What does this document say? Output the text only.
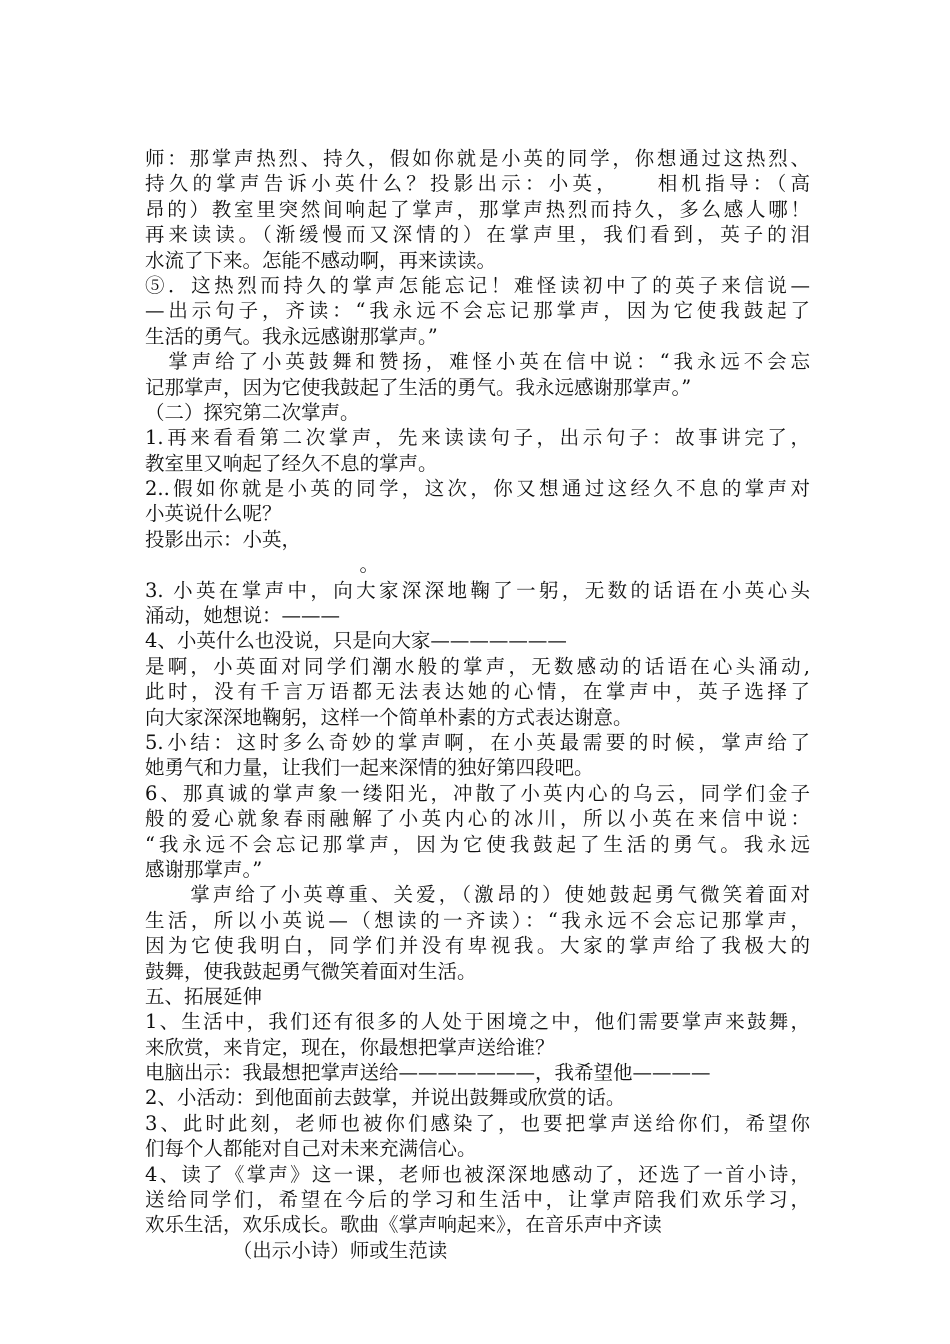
师：那掌声热烈、持久，假如你就是小英的同学，你想通过这热烈、
持久的掌声告诉小英什么？投影出示：小英，　　相机指导：（高
昂的）教室里突然间响起了掌声，那掌声热烈而持久，多么感人哪！
再来读读。（渐缓慢而又深情的）在掌声里，我们看到，英子的泪
水流了下来。怎能不感动啊，再来读读。
⑤．这热烈而持久的掌声怎能忘记！难怪读初中了的英子来信说—
—出示句子，齐读：“我永远不会忘记那掌声，因为它使我鼓起了
生活的勇气。我永远感谢那掌声。”
　掌声给了小英鼓舞和赞扬，难怪小英在信中说：“我永远不会忘
记那掌声，因为它使我鼓起了生活的勇气。我永远感谢那掌声。”
（二）探究第二次掌声。
1.再来看看第二次掌声，先来读读句子，出示句子：故事讲完了，
教室里又响起了经久不息的掌声。
2..假如你就是小英的同学，这次，你又想通过这经久不息的掌声对
小英说什么呢？
投影出示：小英，
　　　　　　　　　　　。
3. 小英在掌声中，向大家深深地鞠了一躬，无数的话语在小英心头
涌动，她想说：———
4、小英什么也没说，只是向大家———————
是啊，小英面对同学们潮水般的掌声，无数感动的话语在心头涌动,
此时，没有千言万语都无法表达她的心情，在掌声中，英子选择了
向大家深深地鞠躬，这样一个简单朴素的方式表达谢意。
5.小结：这时多么奇妙的掌声啊，在小英最需要的时候，掌声给了
她勇气和力量，让我们一起来深情的独好第四段吧。
6、那真诚的掌声象一缕阳光，冲散了小英内心的乌云，同学们金子
般的爱心就象春雨融解了小英内心的冰川，所以小英在来信中说：
“我永远不会忘记那掌声，因为它使我鼓起了生活的勇气。我永远
感谢那掌声。”
　　掌声给了小英尊重、关爱，（激昂的）使她鼓起勇气微笑着面对
生活，所以小英说—（想读的一齐读）：“我永远不会忘记那掌声，
因为它使我明白，同学们并没有卑视我。大家的掌声给了我极大的
鼓舞，使我鼓起勇气微笑着面对生活。
五、拓展延伸
1、生活中，我们还有很多的人处于困境之中，他们需要掌声来鼓舞，
来欣赏，来肯定，现在，你最想把掌声送给谁？
电脑出示：我最想把掌声送给———————，我希望他————
2、小活动：到他面前去鼓掌，并说出鼓舞或欣赏的话。
3、此时此刻，老师也被你们感染了，也要把掌声送给你们，希望你
们每个人都能对自己对未来充满信心。
4、读了《掌声》这一课，老师也被深深地感动了，还选了一首小诗，
送给同学们，希望在今后的学习和生活中，让掌声陪我们欢乐学习，
欢乐生活，欢乐成长。歌曲《掌声响起来》，在音乐声中齐读
　　　　　（出示小诗）师或生范读
